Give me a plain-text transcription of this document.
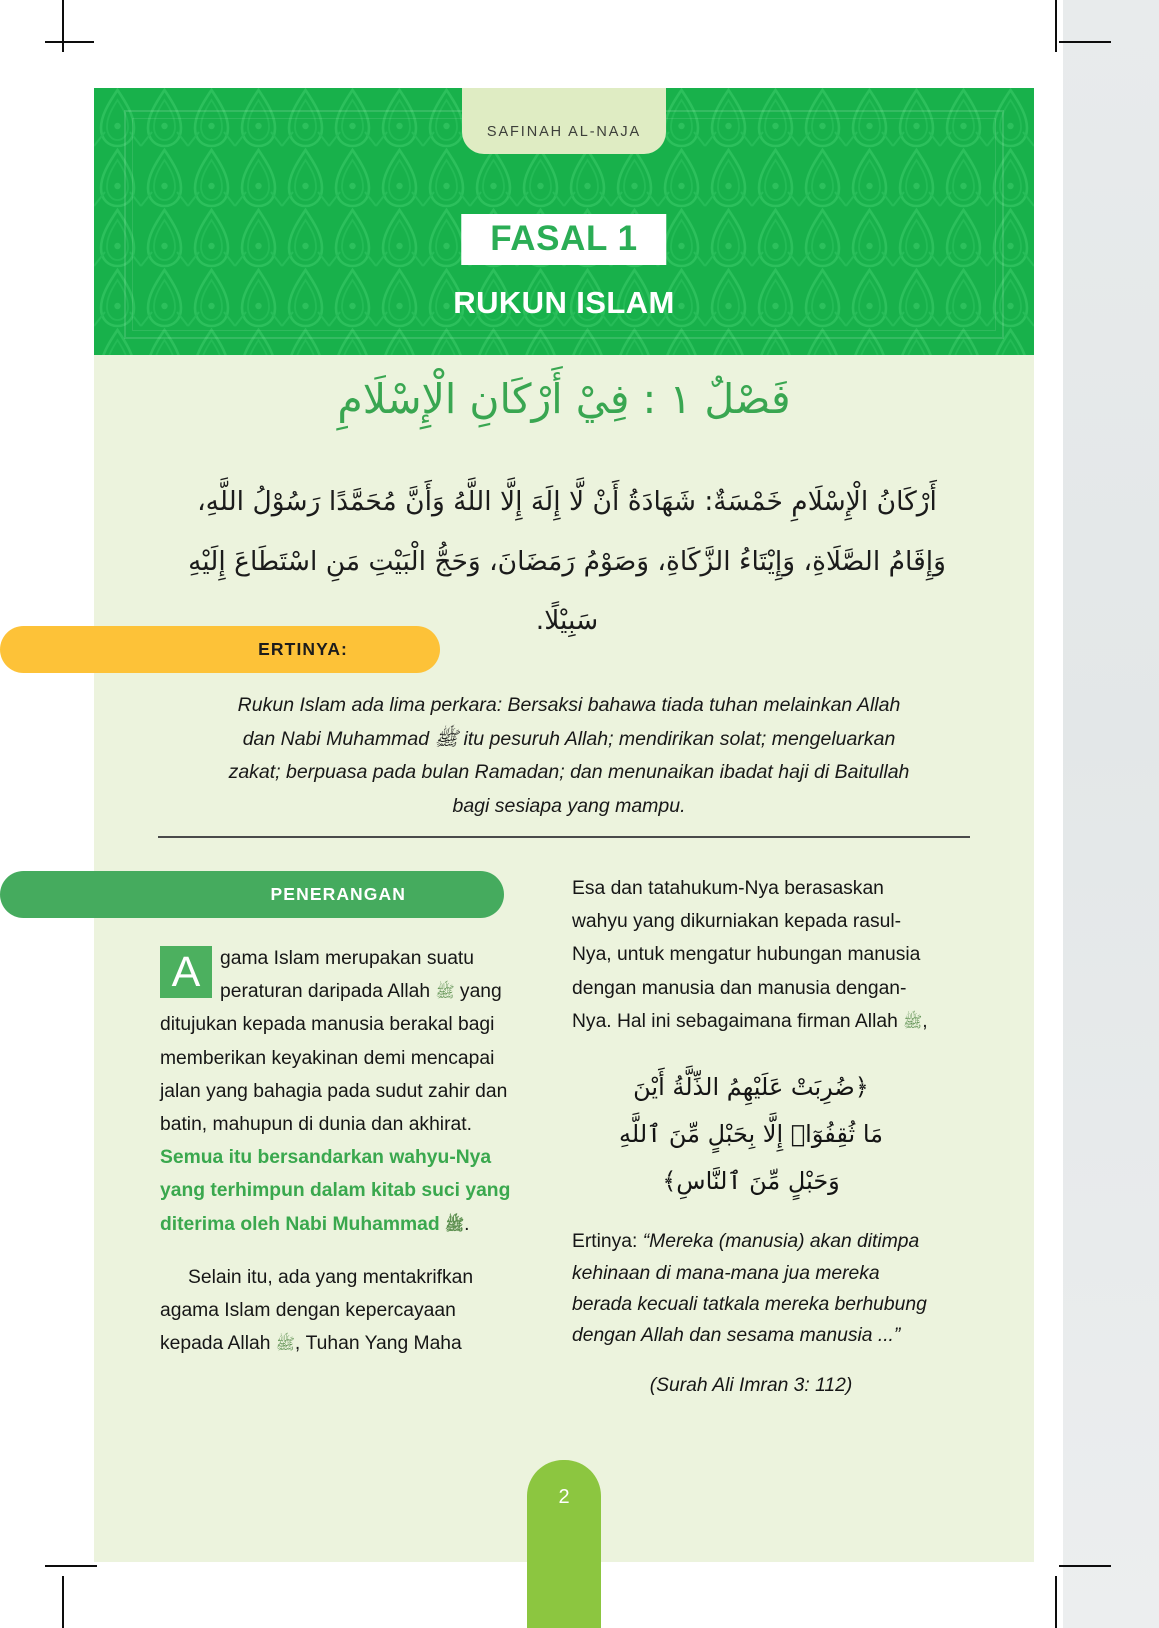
SAFINAH AL-NAJA
FASAL 1
RUKUN ISLAM
فَصْلٌ ١ : فِيْ أَرْكَانِ الْإِسْلَامِ
أَرْكَانُ الْإِسْلَامِ خَمْسَةٌ: شَهَادَةُ أَنْ لَّا إِلَهَ إِلَّا اللَّهُ وَأَنَّ مُحَمَّدًا رَسُوْلُ اللَّهِ،
وَإِقَامُ الصَّلَاةِ، وَإِيْتَاءُ الزَّكَاةِ، وَصَوْمُ رَمَضَانَ، وَحَجُّ الْبَيْتِ مَنِ اسْتَطَاعَ إِلَيْهِ سَبِيْلًا.
ERTINYA:
Rukun Islam ada lima perkara: Bersaksi bahawa tiada tuhan melainkan Allah dan Nabi Muhammad ﷺ itu pesuruh Allah; mendirikan solat; mengeluarkan zakat; berpuasa pada bulan Ramadan; dan menunaikan ibadat haji di Baitullah bagi sesiapa yang mampu.
PENERANGAN

A	gama Islam merupakan suatu peraturan daripada Allah ﷺ yang ditujukan kepada manusia berakal bagi memberikan keyakinan demi mencapai jalan yang bahagia pada sudut zahir dan batin, mahupun di dunia dan akhirat. Semua itu bersandarkan wahyu-Nya yang terhimpun dalam kitab suci yang diterima oleh Nabi Muhammad ﷺ.

Selain itu, ada yang mentakrifkan agama Islam dengan kepercayaan kepada Allah ﷺ, Tuhan Yang Maha

Esa dan tatahukum-Nya berasaskan wahyu yang dikurniakan kepada rasul-Nya, untuk mengatur hubungan manusia dengan manusia dan manusia dengan-Nya. Hal ini sebagaimana firman Allah ﷺ,

﴿ضُرِبَتْ عَلَيْهِمُ الذِّلَّةُ أَيْنَ
مَا ثُقِفُوٓا۟ إِلَّا بِحَبْلٍ مِّنَ ٱللَّهِ
وَحَبْلٍ مِّنَ ٱلنَّاسِ﴾

Ertinya: “Mereka (manusia) akan ditimpa kehinaan di mana-mana jua mereka berada kecuali tatkala mereka berhubung dengan Allah dan sesama manusia ...”

(Surah Ali Imran 3: 112)

2
